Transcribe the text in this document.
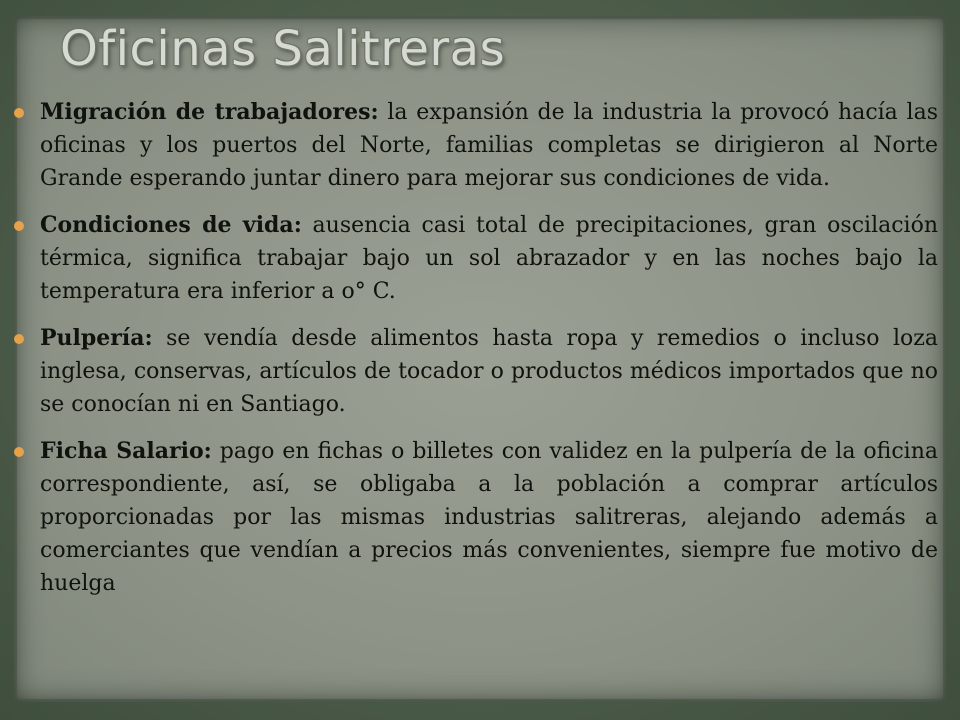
Oficinas Salitreras
Migración de trabajadores: la expansión de la industria la provocó hacía las oficinas y los puertos del Norte, familias completas se dirigieron al Norte Grande esperando juntar dinero para mejorar sus condiciones de vida.
Condiciones de vida: ausencia casi total de precipitaciones, gran oscilación térmica, significa trabajar bajo un sol abrazador y en las noches bajo la temperatura era inferior a o° C.
Pulpería: se vendía desde alimentos hasta ropa y remedios o incluso loza inglesa, conservas, artículos de tocador o productos médicos importados que no se conocían ni en Santiago.
Ficha Salario: pago en fichas o billetes con validez en la pulpería de la oficina correspondiente, así, se obligaba a la población a comprar artículos proporcionadas por las mismas industrias salitreras, alejando además a comerciantes que vendían a precios más convenientes, siempre fue motivo de huelga
